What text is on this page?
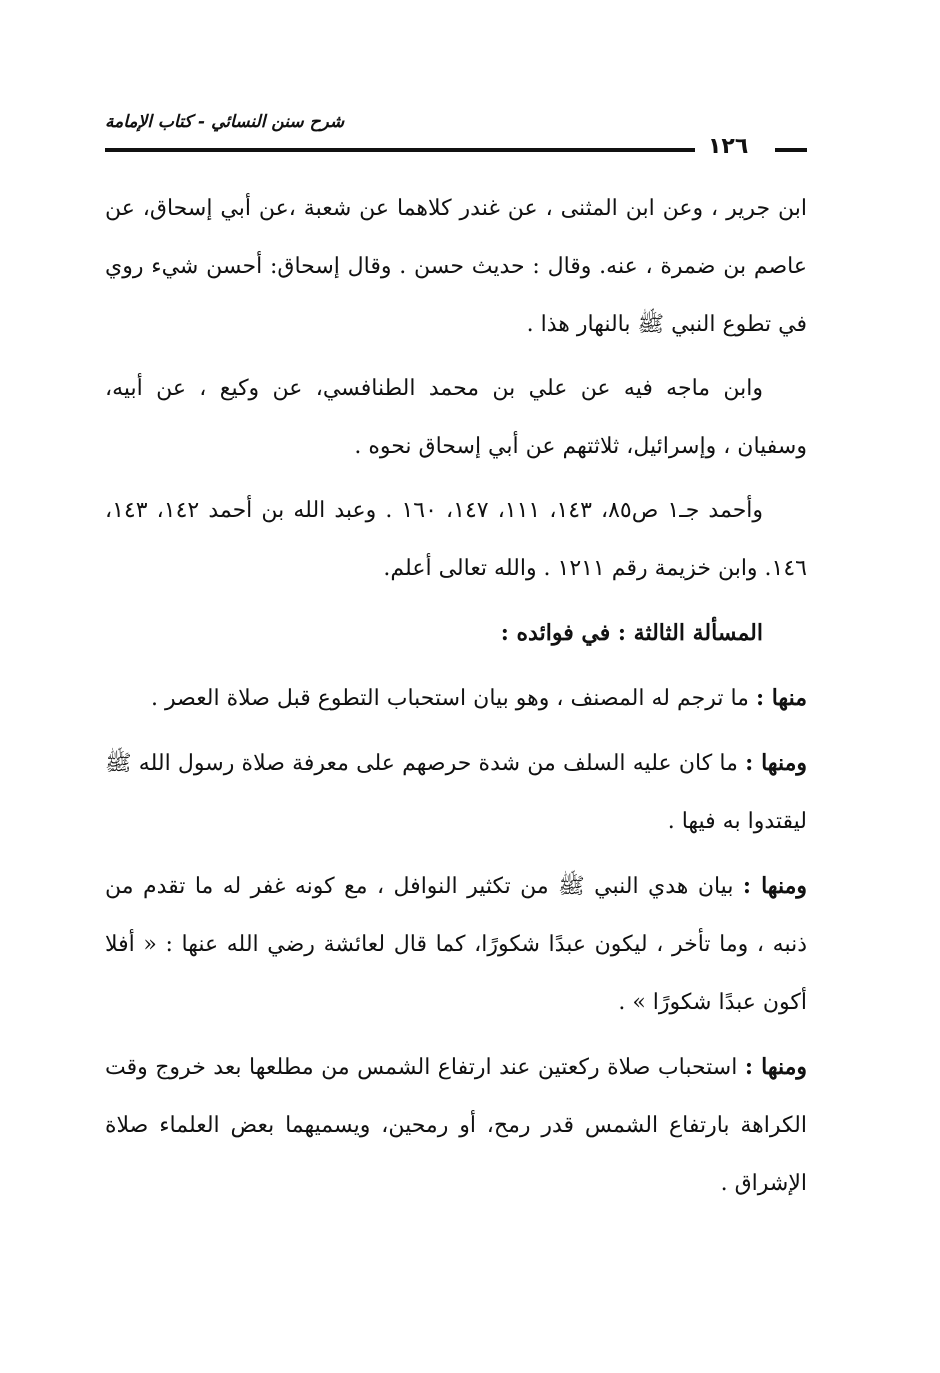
شرح سنن النسائي - كتاب الإمامة
١٢٦

ابن جرير ، وعن ابن المثنى ، عن غندر كلاهما عن شعبة ،عن أبي إسحاق، عن عاصم بن ضمرة ، عنه. وقال : حديث حسن . وقال إسحاق: أحسن شيء روي في تطوع النبي ﷺ بالنهار هذا .

وابن ماجه فيه عن علي بن محمد الطنافسي، عن وكيع ، عن أبيه، وسفيان ، وإسرائيل، ثلاثتهم عن أبي إسحاق نحوه .

وأحمد جـ١ ص٨٥، ١٤٣، ١١١، ١٤٧، ١٦٠ . وعبد الله بن أحمد ١٤٢، ١٤٣، ١٤٦. وابن خزيمة رقم ١٢١١ . والله تعالى أعلم.

المسألة الثالثة : في فوائده :

منها : ما ترجم له المصنف ، وهو بيان استحباب التطوع قبل صلاة العصر .

ومنها : ما كان عليه السلف من شدة حرصهم على معرفة صلاة رسول الله ﷺ ليقتدوا به فيها .

ومنها : بيان هدي النبي ﷺ من تكثير النوافل ، مع كونه غفر له ما تقدم من ذنبه ، وما تأخر ، ليكون عبدًا شكورًا، كما قال لعائشة رضي الله عنها : « أفلا أكون عبدًا شكورًا » .

ومنها : استحباب صلاة ركعتين عند ارتفاع الشمس من مطلعها بعد خروج وقت الكراهة بارتفاع الشمس قدر رمح، أو رمحين، ويسميهما بعض العلماء صلاة الإشراق .
